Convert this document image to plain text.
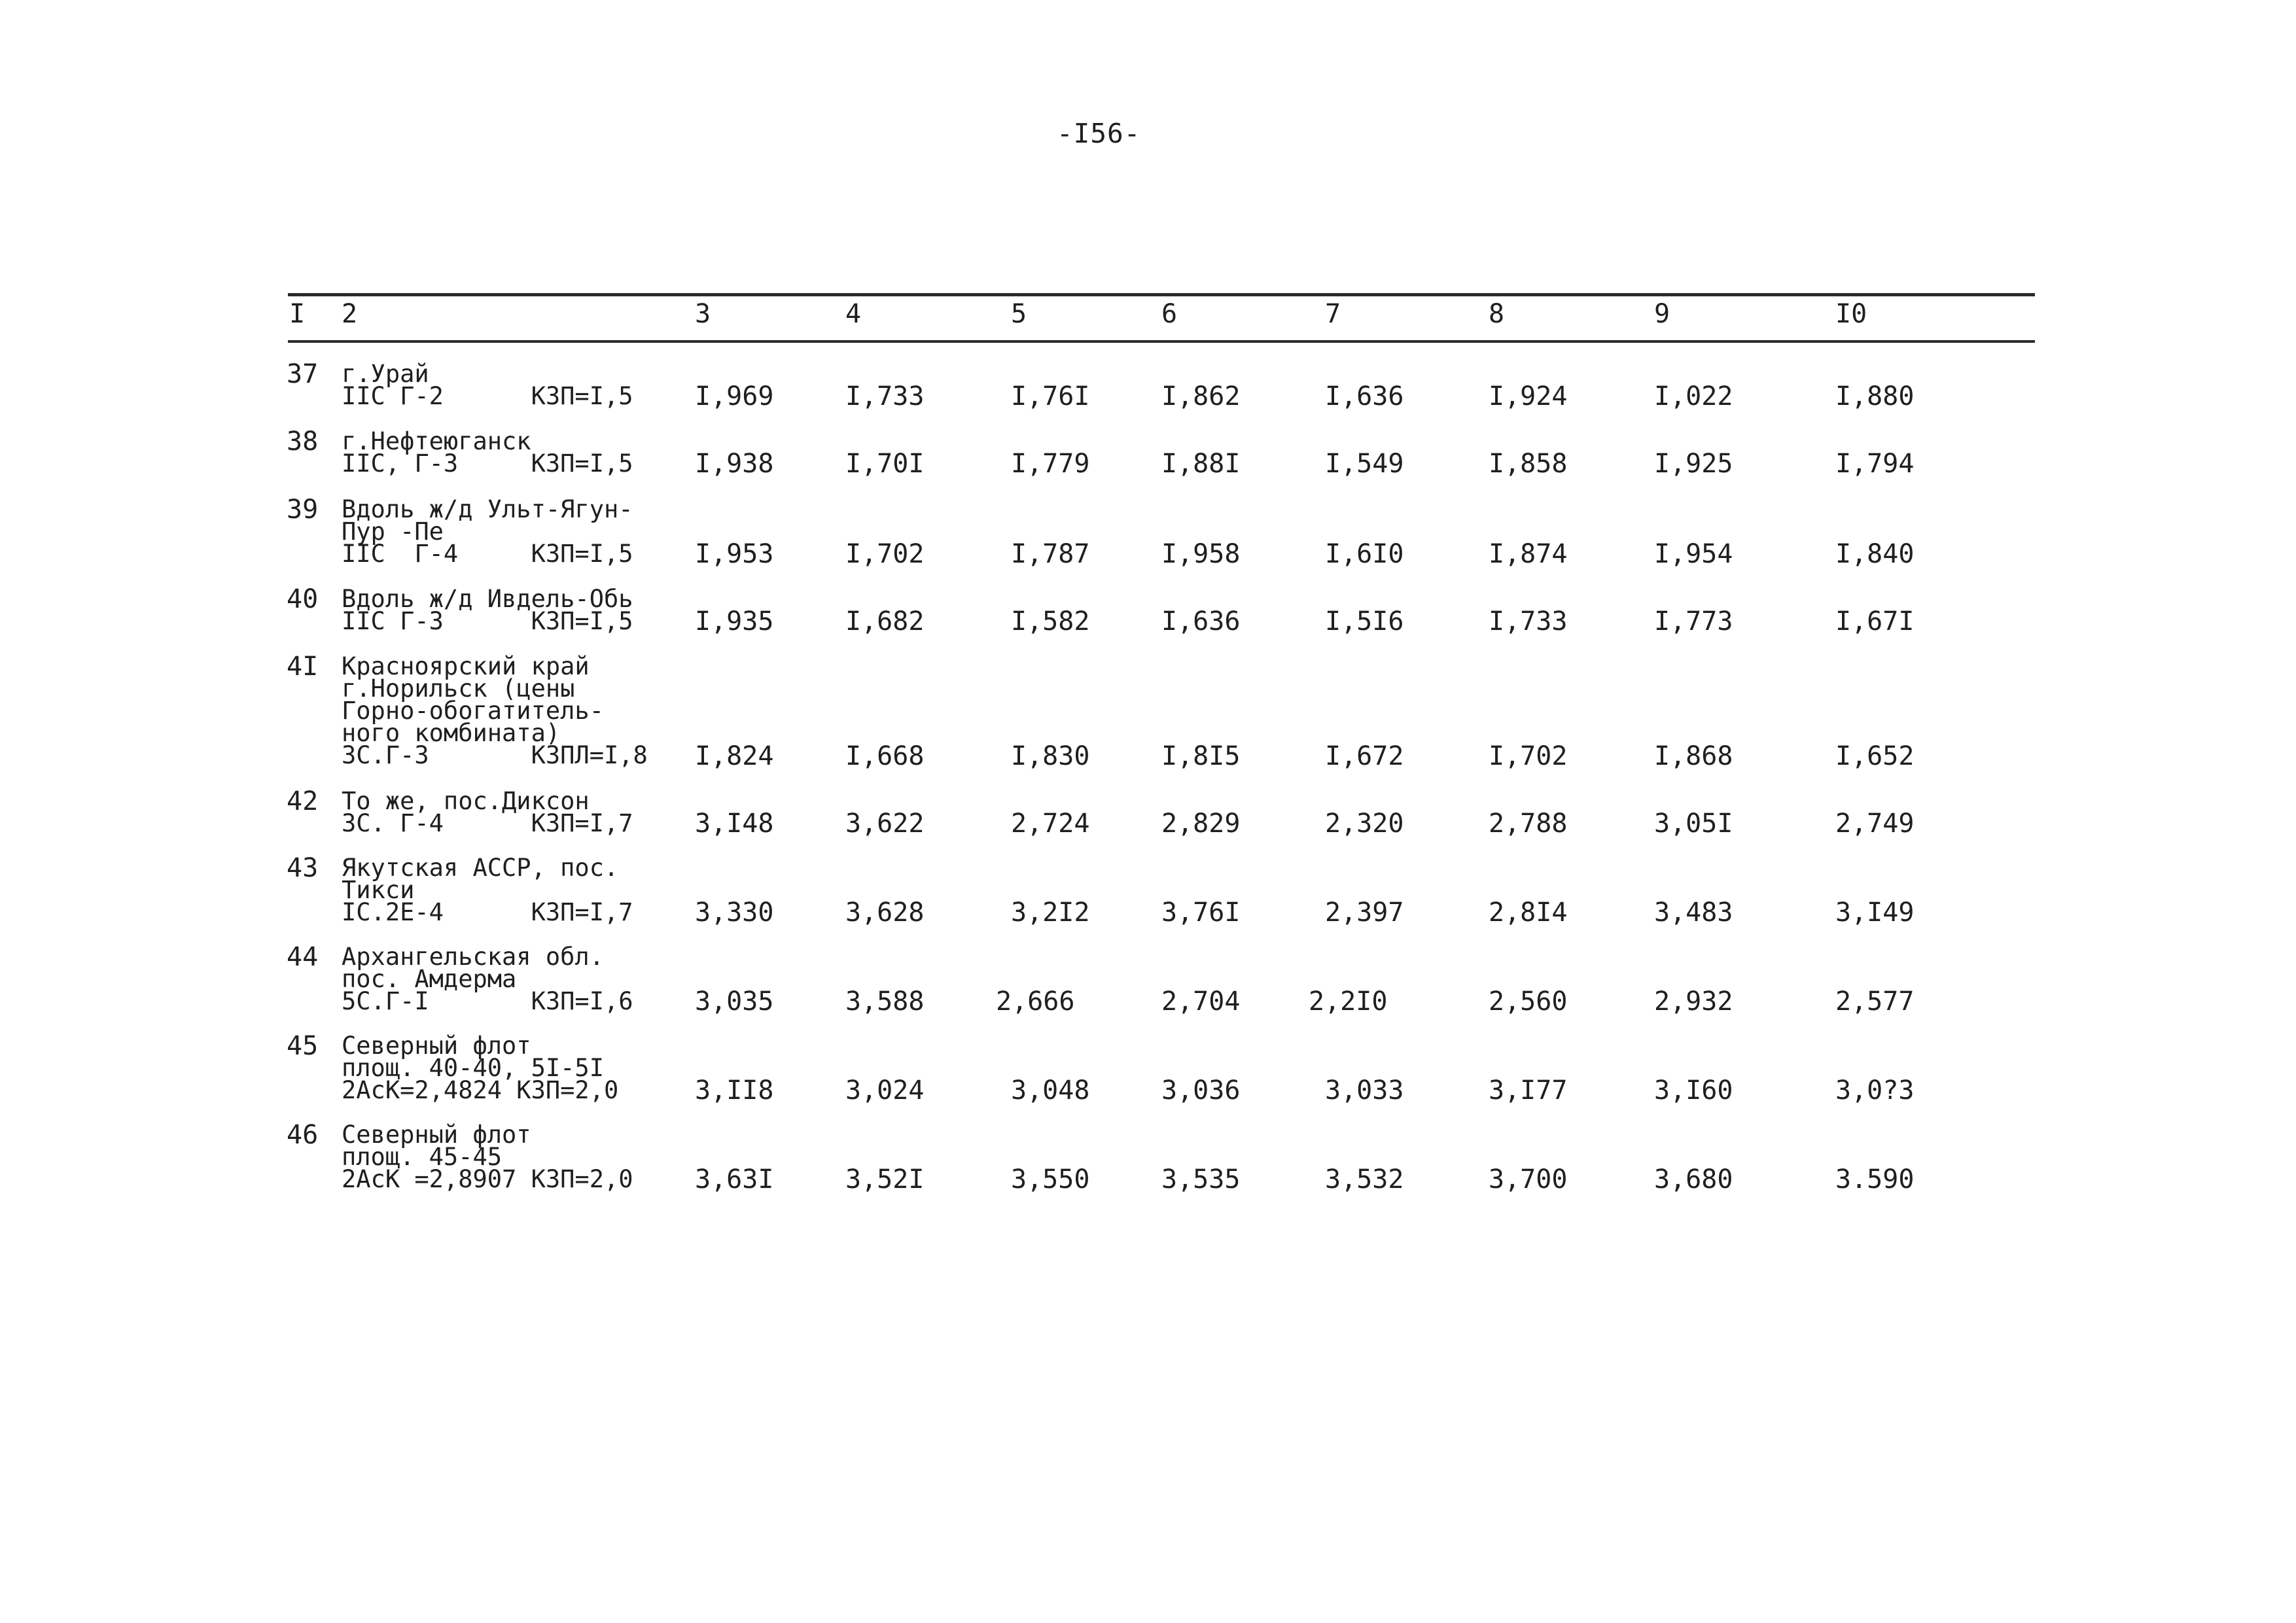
-I56-
I 2	3	4	5	6	7	8	9	I0
37 г.Урай
IIC Г-2      КЗП=I,5 I,969	I,733	I,76I	I,862	I,636	I,924	I,022	I,880
38 г.Нефтеюганск
IIC, Г-3     КЗП=I,5 I,938	I,70I	I,779	I,88I	I,549	I,858	I,925	I,794
39 Вдоль ж/д Ульт-Ягун-
Пур -Пе
IIC  Г-4     КЗП=I,5 I,953	I,702	I,787	I,958	I,6I0	I,874	I,954	I,840
40 Вдоль ж/д Ивдель-Обь
IIC Г-3      КЗП=I,5 I,935	I,682	I,582	I,636	I,5I6	I,733	I,773	I,67I
4I Красноярский край
г.Норильск (цены
Горно-обогатитель-
ного комбината)
3C.Г-3       КЗПЛ=I,8 I,824	I,668	I,830	I,8I5	I,672	I,702	I,868	I,652
42 То же, пос.Диксон
3C. Г-4      КЗП=I,7 3,I48	3,622	2,724	2,829	2,320	2,788	3,05I	2,749
43 Якутская АССР, пос.
Тикси
IC.2E-4      КЗП=I,7 3,330	3,628	3,2I2	3,76I	2,397	2,8I4	3,483	3,I49
44 Архангельская обл.
пос. Амдерма
5C.Г-I       КЗП=I,6 3,035	3,588	2,666	2,704	2,2I0	2,560	2,932	2,577
45 Северный флот
площ. 40-40, 5I-5I
2АсК=2,4824 КЗП=2,0	3,II8	3,024	3,048	3,036	3,033	3,I77	3,I60	3,0?3
46 Северный флот
площ. 45-45
2АсК =2,8907 КЗП=2,0 3,63I	3,52I	3,550	3,535	3,532	3,700	3,680	3.590
